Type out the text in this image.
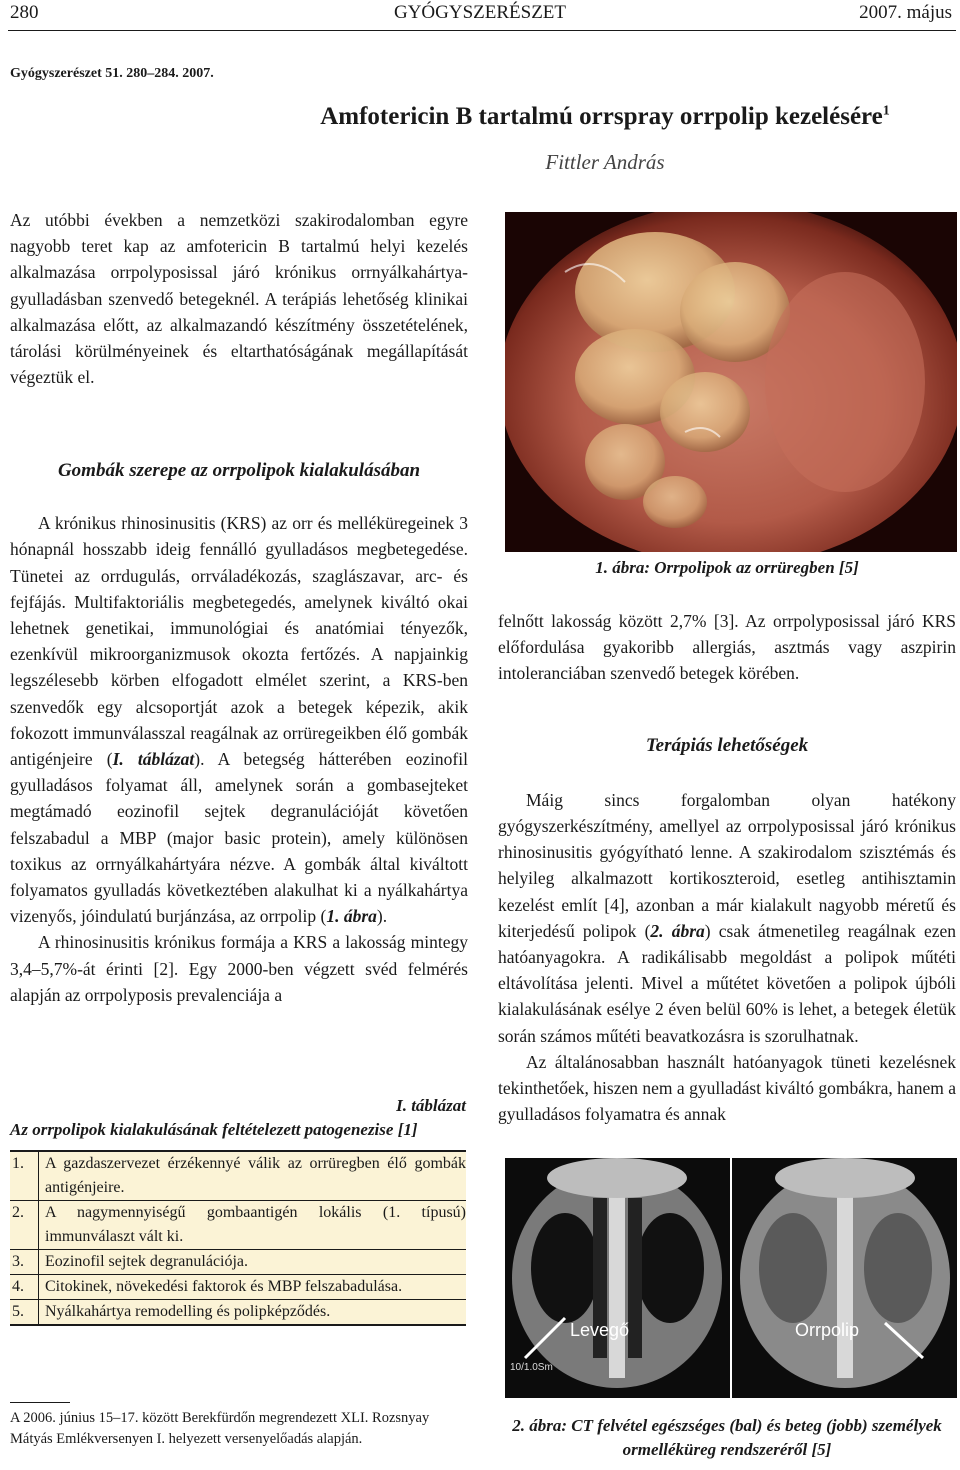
280	GYÓGYSZERÉSZET	2007. május
Gyógyszerészet 51. 280–284. 2007.
Amfotericin B tartalmú orrspray orrpolip kezelésére$^1$
Fittler András

Az utóbbi években a nemzetközi szakirodalomban egyre nagyobb teret kap az amfotericin B tartalmú helyi kezelés alkalmazása orrpolyposissal járó krónikus orrnyálkahártya-gyulladásban szenvedő betegeknél. A terápiás lehetőség klinikai alkalmazása előtt, az alkalmazandó készítmény összetételének, tárolási körülményeinek és eltarthatóságának megállapítását végeztük el.

Gombák szerepe az orrpolipok kialakulásában

A krónikus rhinosinusitis (KRS) az orr és melléküregeinek 3 hónapnál hosszabb ideig fennálló gyulladásos megbetegedése. Tünetei az orrdugulás, orrváladékozás, szaglászavar, arc- és fejfájás. Multifaktoriális megbetegedés, amelynek kiváltó okai lehetnek genetikai, immunológiai és anatómiai tényezők, ezenkívül mikroorganizmusok okozta fertőzés. A napjainkig legszélesebb körben elfogadott elmélet szerint, a KRS-ben szenvedők egy alcsoportját azok a betegek képezik, akik fokozott immunválasszal reagálnak az orrüregeikben élő gombák antigénjeire (I. táblázat). A betegség hátterében eozinofil gyulladásos folyamat áll, amelynek során a gombasejteket megtámadó eozinofil sejtek degranulációját követően felszabadul a MBP (major basic protein), amely különösen toxikus az orrnyálkahártyára nézve. A gombák által kiváltott folyamatos gyulladás következtében alakulhat ki a nyálkahártya vizenyős, jóindulatú burjánzása, az orrpolip (1. ábra).

A rhinosinusitis krónikus formája a KRS a lakosság mintegy 3,4–5,7%-át érinti [2]. Egy 2000-ben végzett svéd felmérés alapján az orrpolyposis prevalenciája a

1. ábra: Orrpolipok az orrüregben [5]

felnőtt lakosság között 2,7% [3]. Az orrpolyposissal járó KRS előfordulása gyakoribb allergiás, asztmás vagy aszpirin intoleranciában szenvedő betegek körében.

Terápiás lehetőségek

Máig sincs forgalomban olyan hatékony gyógyszerkészítmény, amellyel az orrpolyposissal járó krónikus rhinosinusitis gyógyítható lenne. A szakirodalom szisztémás és helyileg alkalmazott kortikoszteroid, esetleg antihisztamin kezelést említ [4], azonban a már kialakult nagyobb méretű és kiterjedésű polipok (2. ábra) csak átmenetileg reagálnak ezen hatóanyagokra. A radikálisabb megoldást a polipok műtéti eltávolítása jelenti. Mivel a műtétet követően a polipok újbóli kialakulásának esélye 2 éven belül 60% is lehet, a betegek életük során számos műtéti beavatkozásra is szorulhatnak.

Az általánosabban használt hatóanyagok tüneti kezelésnek tekinthetőek, hiszen nem a gyulladást kiváltó gombákra, hanem a gyulladásos folyamatra és annak

I. táblázat
Az orrpolipok kialakulásának feltételezett patogenezise [1]
1.	A gazdaszervezet érzékennyé válik az orrüregben élő gombák antigénjeire.
2.	A nagymennyiségű gombaantigén lokális (1. típusú) immunválaszt vált ki.
3.	Eozinofil sejtek degranulációja.
4.	Citokinek, növekedési faktorok és MBP felszabadulása.
5.	Nyálkahártya remodelling és polipképződés.
10/1.0Sm
Levegő	Orrpolip
2. ábra: CT felvétel egészséges (bal) és beteg (jobb) személyek ormelléküreg rendszeréről [5]
A 2006. június 15–17. között Berekfürdőn megrendezett XLI. Rozsnyay Mátyás Emlékversenyen I. helyezett versenyelőadás alapján.
